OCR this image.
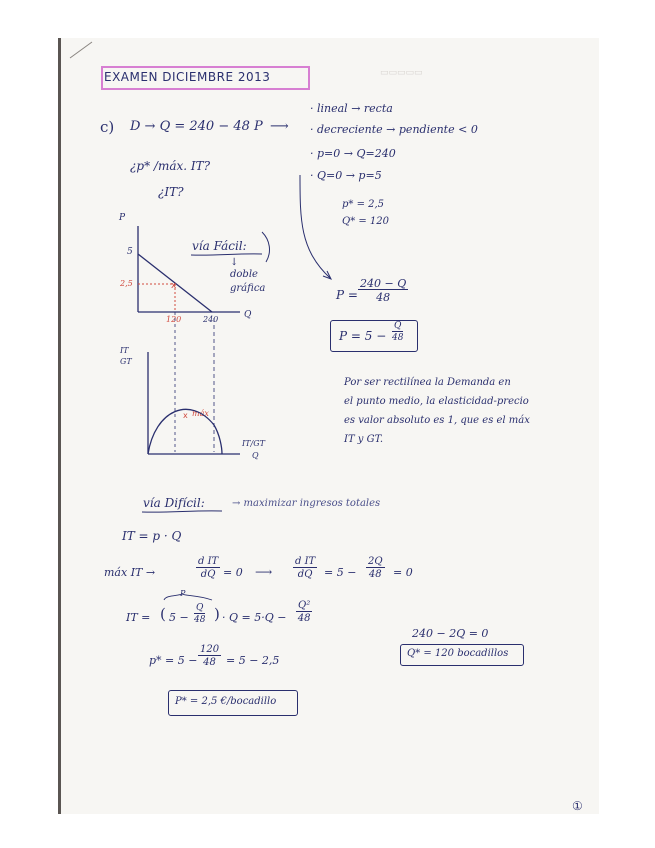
▭▭▭▭▭
EXAMEN DICIEMBRE 2013
c) D → Q = 240 − 48 P ⟶
¿p* /máx. IT?
¿IT?
· lineal → recta
· decreciente → pendiente < 0
· p=0 → Q=240
· Q=0 → p=5
p* = 2,5
Q* = 120
vía Fácil:
↓
doble
gráfica
P
Q
5
2,5
120	240
IT
GT
IT/GT
Q
máx
$P = \frac{240 - Q}{48}$
$P = 5 - \frac{Q}{48}$
Por ser rectilínea la Demanda en
el punto medio, la elasticidad-precio
es valor absoluto es 1, que es el máx
IT y GT.
vía Difícil:	→ maximizar ingresos totales
IT = p · Q
máx IT →	$\frac{\text{d IT}}{dQ} = 0$ ⟶ $\frac{\text{d IT}}{dQ} = 5 - \frac{2Q}{48} = 0$
P
IT = ( $5 - \frac{Q}{48}$ ) · $Q = 5\cdot Q - \frac{\text{Q²}}{48}$
240 − 2Q = 0
Q* = 120 bocadillos
$p* = 5 - \frac{120}{48} = 5 - 2,5$
P* = 2,5 €/bocadillo
①
x
x
